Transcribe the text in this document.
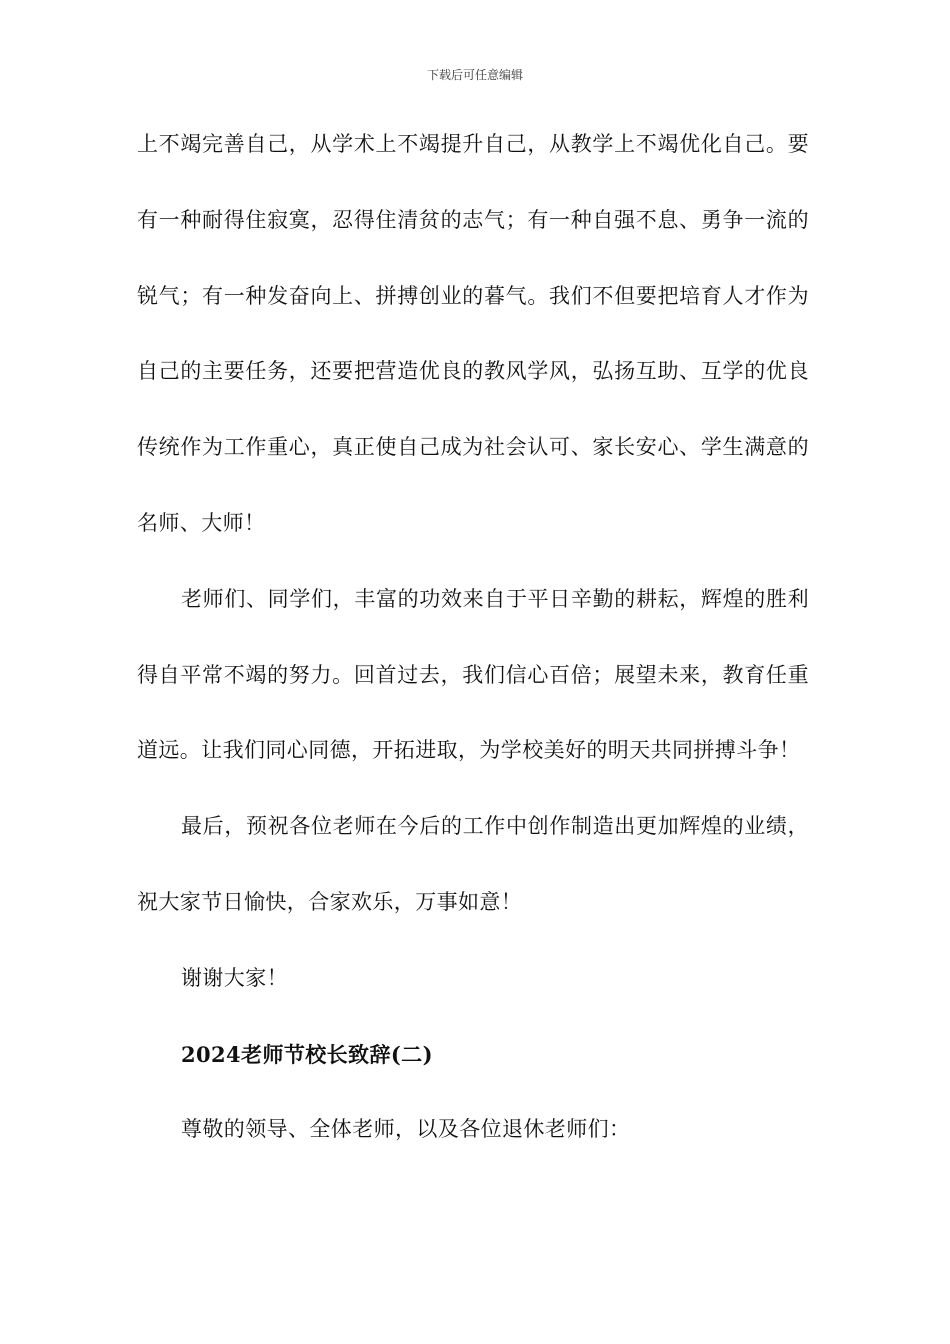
下载后可任意编辑

上不竭完善自己，从学术上不竭提升自己，从教学上不竭优化自己。要有一种耐得住寂寞，忍得住清贫的志气；有一种自强不息、勇争一流的锐气；有一种发奋向上、拼搏创业的暮气。我们不但要把培育人才作为自己的主要任务，还要把营造优良的教风学风，弘扬互助、互学的优良传统作为工作重心，真正使自己成为社会认可、家长安心、学生满意的名师、大师！

老师们、同学们，丰富的功效来自于平日辛勤的耕耘，辉煌的胜利得自平常不竭的努力。回首过去，我们信心百倍；展望未来，教育任重道远。让我们同心同德，开拓进取，为学校美好的明天共同拼搏斗争！

最后，预祝各位老师在今后的工作中创作制造出更加辉煌的业绩，祝大家节日愉快，合家欢乐，万事如意！

谢谢大家！

2024老师节校长致辞(二)

尊敬的领导、全体老师，以及各位退休老师们：
